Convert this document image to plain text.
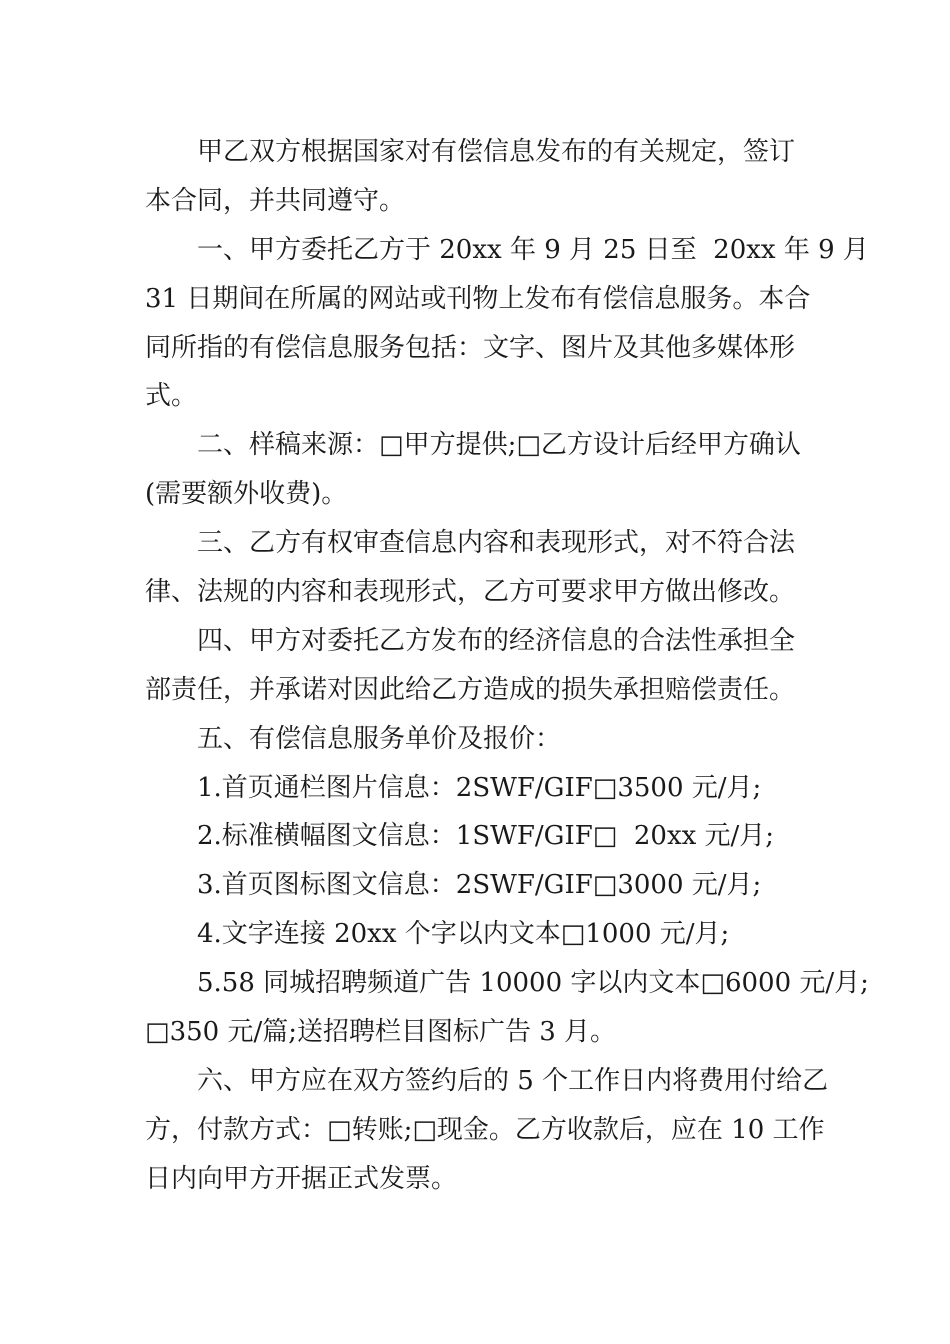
甲乙双方根据国家对有偿信息发布的有关规定，签订

本合同，并共同遵守。

一、甲方委托乙方于 20xx 年 9 月 25 日至  20xx 年 9 月

31 日期间在所属的网站或刊物上发布有偿信息服务。本合

同所指的有偿信息服务包括：文字、图片及其他多媒体形

式。

二、样稿来源：□甲方提供;□乙方设计后经甲方确认

(需要额外收费)。

三、乙方有权审查信息内容和表现形式，对不符合法

律、法规的内容和表现形式，乙方可要求甲方做出修改。

四、甲方对委托乙方发布的经济信息的合法性承担全

部责任，并承诺对因此给乙方造成的损失承担赔偿责任。

五、有偿信息服务单价及报价：

1.首页通栏图片信息：2SWF/GIF□3500 元/月;

2.标准横幅图文信息：1SWF/GIF□  20xx 元/月;

3.首页图标图文信息：2SWF/GIF□3000 元/月;

4.文字连接 20xx 个字以内文本□1000 元/月;

5.58 同城招聘频道广告 10000 字以内文本□6000 元/月;

□350 元/篇;送招聘栏目图标广告 3 月。

六、甲方应在双方签约后的 5 个工作日内将费用付给乙

方，付款方式：□转账;□现金。乙方收款后，应在 10 工作

日内向甲方开据正式发票。
